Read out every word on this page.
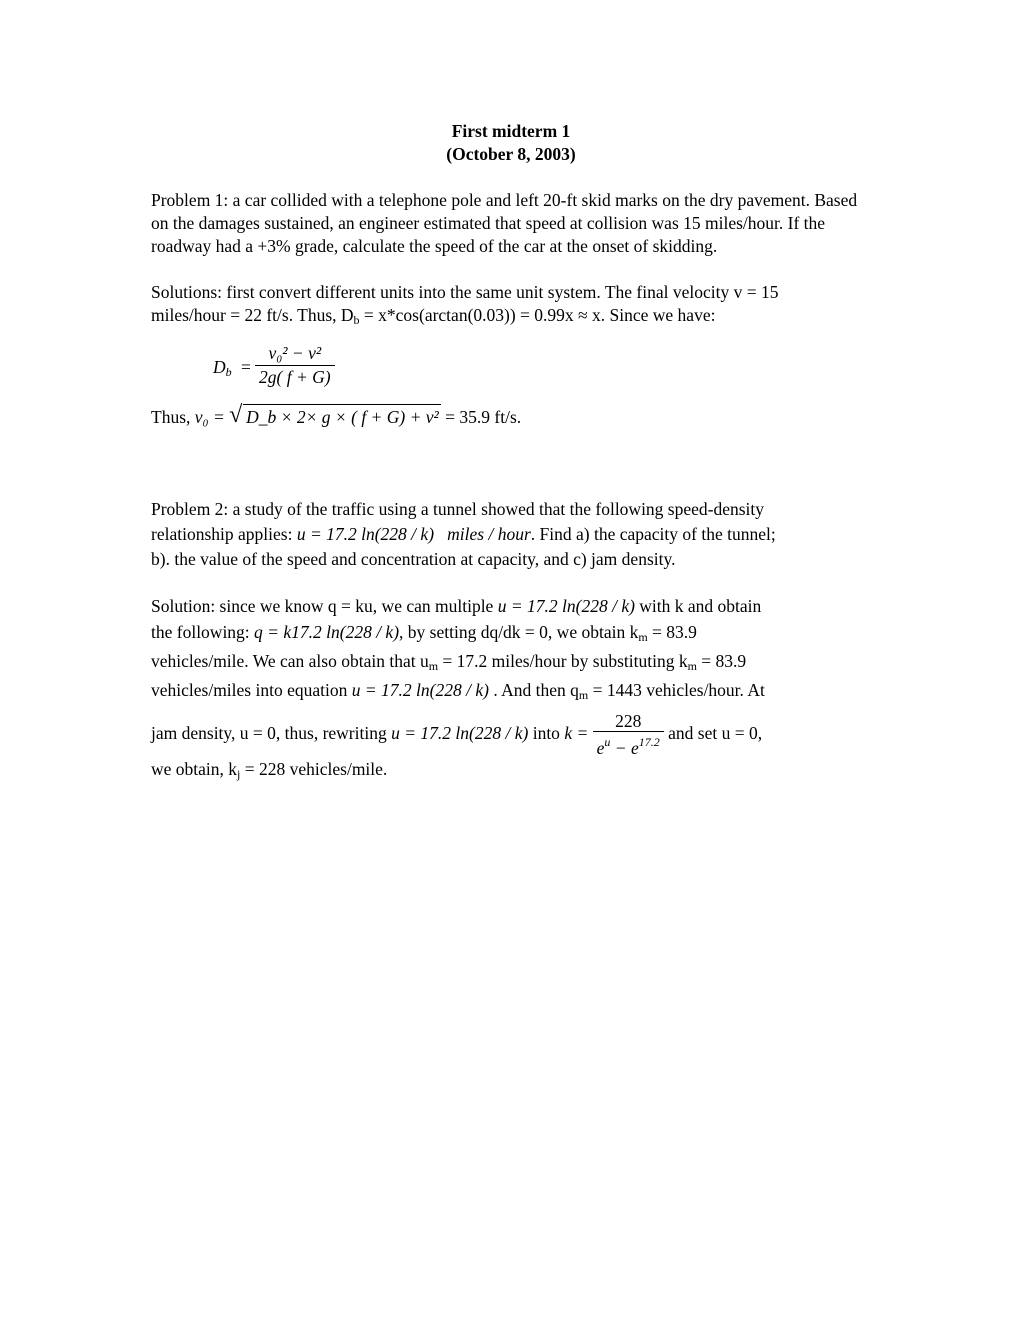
First midterm 1
(October 8, 2003)

Problem 1: a car collided with a telephone pole and left 20-ft skid marks on the dry pavement. Based on the damages sustained, an engineer estimated that speed at collision was 15 miles/hour. If the roadway had a +3% grade, calculate the speed of the car at the onset of skidding.

Solutions: first convert different units into the same unit system. The final velocity v = 15

miles/hour = 22 ft/s. Thus, $D_b = x*\cos(\arctan(0.03)) = 0.99x \approx x$. Since we have:

$D_b = \frac{\text{v₀² − v²}}{2g( f + G)}$

Thus, v₀ = √ D_b × 2× g × ( f + G) + v² = 35.9 ft/s.

Problem 2: a study of the traffic using a tunnel showed that the following speed-density

relationship applies: u = 17.2 ln(228 / k) miles / hour. Find a) the capacity of the tunnel;

b). the value of the speed and concentration at capacity, and c) jam density.

Solution: since we know q = ku, we can multiple u = 17.2 ln(228 / k) with k and obtain

the following: q = k17.2 ln(228 / k), by setting dq/dk = 0, we obtain $k_m = 83.9$

vehicles/mile. We can also obtain that $u_m = 17.2$ miles/hour by substituting $k_m = 83.9$

vehicles/miles into equation u = 17.2 ln(228 / k) . And then $q_m = 1443$ vehicles/hour. At

jam density, u = 0, thus, rewriting u = 17.2 ln(228 / k) into $k = \frac{228}{e^u - e^{17.2}}$ and set u = 0,

we obtain, $k_j = 228$ vehicles/mile.
